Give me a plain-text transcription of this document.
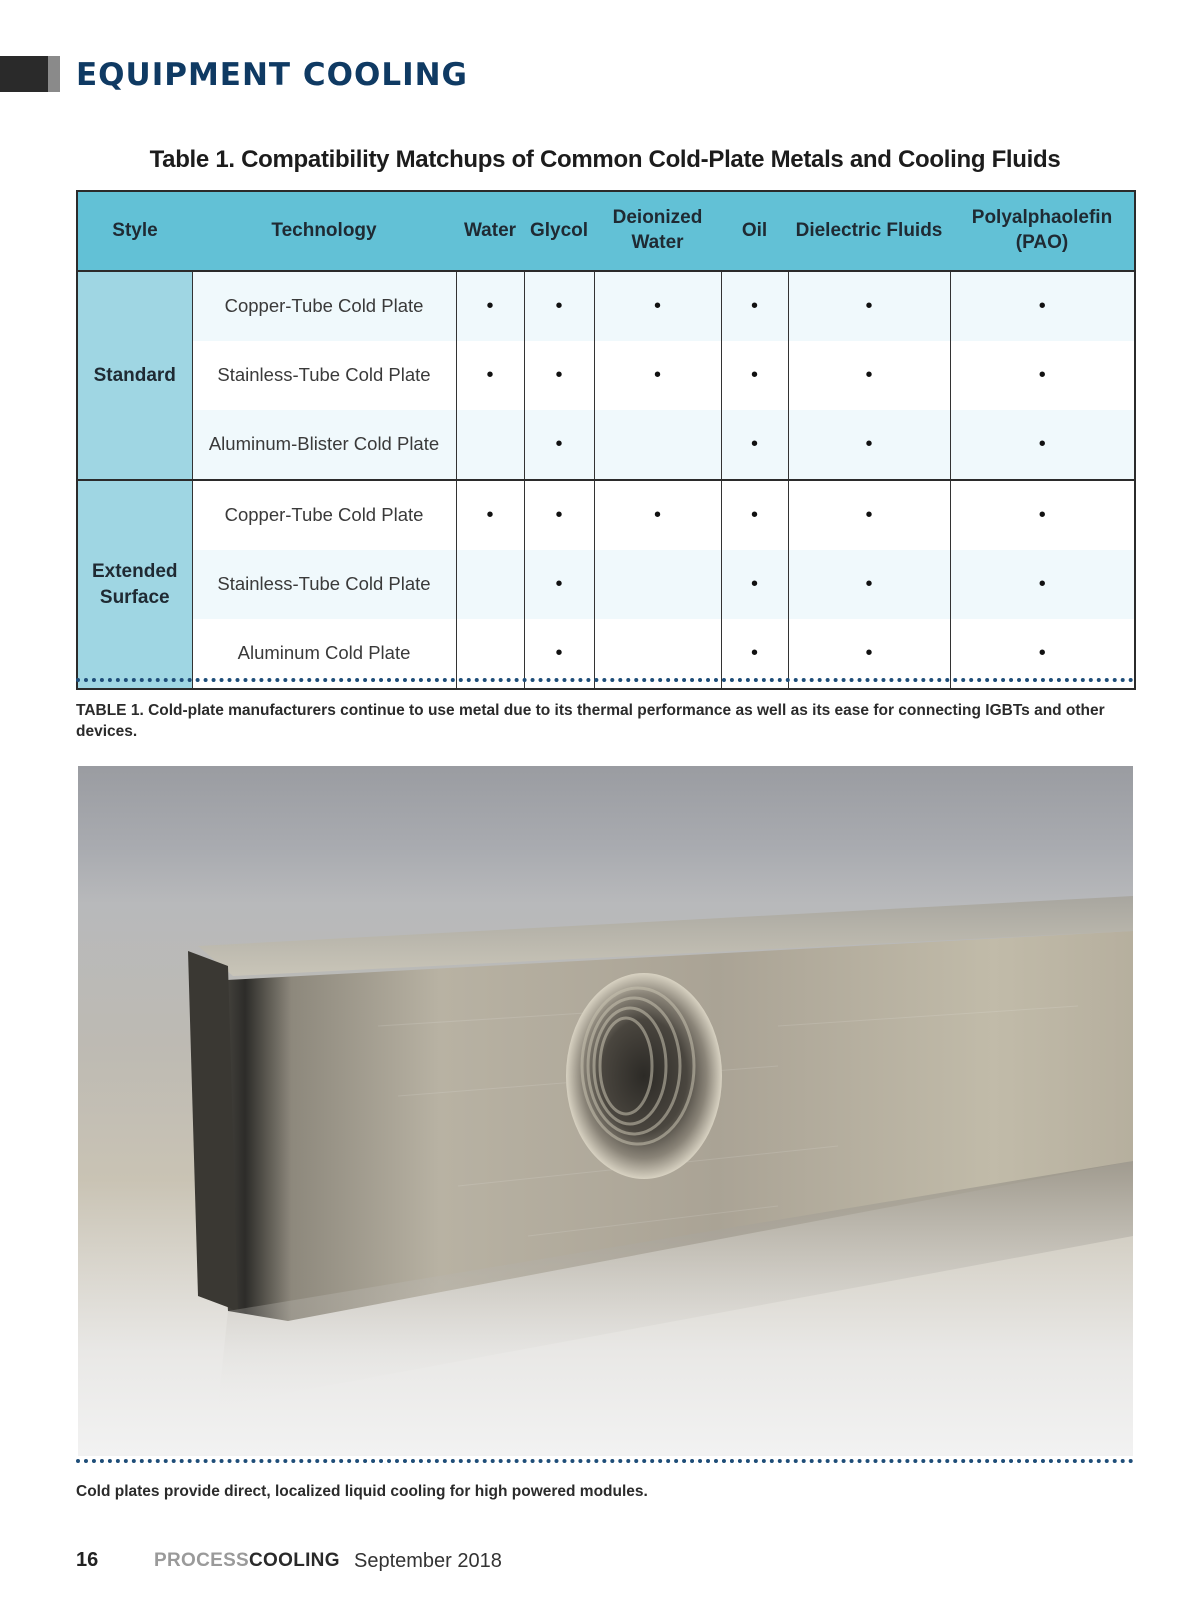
EQUIPMENT COOLING
Table 1. Compatibility Matchups of Common Cold-Plate Metals and Cooling Fluids
Style	Technology	Water	Glycol	Deionized Water	Oil	Dielectric Fluids	Polyalphaolefin (PAO)
Standard	Copper-Tube Cold Plate	•	•	•	•	•	•
	Stainless-Tube Cold Plate	•	•	•	•	•	•
	Aluminum-Blister Cold Plate		•		•	•	•
Extended Surface	Copper-Tube Cold Plate	•	•	•	•	•	•
	Stainless-Tube Cold Plate		•		•	•	•
	Aluminum Cold Plate		•		•	•	•
TABLE 1. Cold-plate manufacturers continue to use metal due to its thermal performance as well as its ease for connecting IGBTs and other devices.
Cold plates provide direct, localized liquid cooling for high powered modules.
16	PROCESSCOOLING September 2018
